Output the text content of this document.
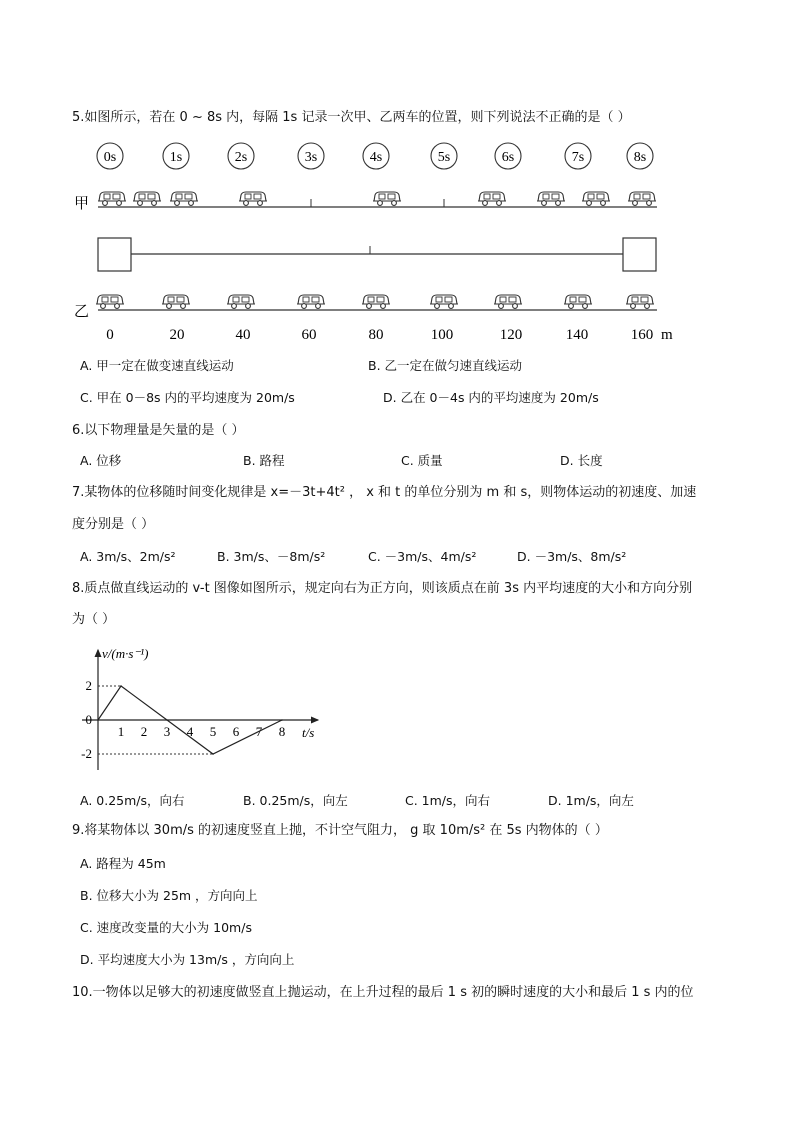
5.如图所示，若在 0 ~ 8s 内，每隔 1s 记录一次甲、乙两车的位置，则下列说法不正确的是（ ）
0s	1s	2s	3s	4s	5s	6s	7s	8s
甲
乙
0	20	40	60	80	100	120	140	160 m
A. 甲一定在做变速直线运动	B. 乙一定在做匀速直线运动
C. 甲在 0－8s 内的平均速度为 20m/s	D. 乙在 0－4s 内的平均速度为 20m/s
6.以下物理量是矢量的是（ ）
A. 位移	B. 路程	C. 质量	D. 长度
7.某物体的位移随时间变化规律是 x=－3t+4t² ， x 和 t 的单位分别为 m 和 s，则物体运动的初速度、加速
度分别是（ ）
A. 3m/s、2m/s²	B. 3m/s、－8m/s²	C. －3m/s、4m/s²	D. －3m/s、8m/s²
8.质点做直线运动的 v-t 图像如图所示，规定向右为正方向，则该质点在前 3s 内平均速度的大小和方向分别
为（ ）
1 2 3 4 5 6 7 8
2
0
-2
v/(m·s⁻¹)
t/s
A. 0.25m/s，向右	B. 0.25m/s，向左	C. 1m/s，向右	D. 1m/s，向左
9.将某物体以 30m/s 的初速度竖直上抛，不计空气阻力， g 取 10m/s² 在 5s 内物体的（ ）
A. 路程为 45m
B. 位移大小为 25m ，方向向上
C. 速度改变量的大小为 10m/s
D. 平均速度大小为 13m/s ，方向向上
10.一物体以足够大的初速度做竖直上抛运动，在上升过程的最后 1 s 初的瞬时速度的大小和最后 1 s 内的位
